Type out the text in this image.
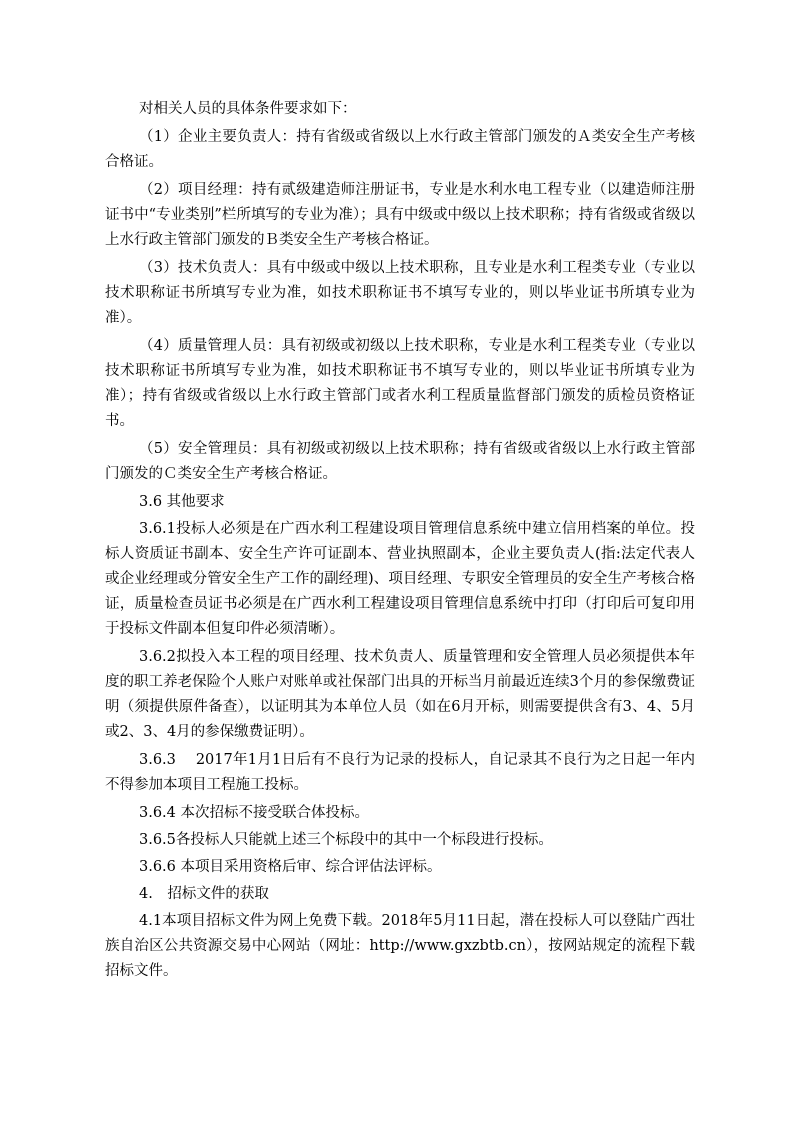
对相关人员的具体条件要求如下：

（1）企业主要负责人：持有省级或省级以上水行政主管部门颁发的Ａ类安全生产考核合格证。

（2）项目经理：持有贰级建造师注册证书，专业是水利水电工程专业（以建造师注册证书中“专业类别”栏所填写的专业为准）；具有中级或中级以上技术职称；持有省级或省级以上水行政主管部门颁发的Ｂ类安全生产考核合格证。

（3）技术负责人：具有中级或中级以上技术职称，且专业是水利工程类专业（专业以技术职称证书所填写专业为准，如技术职称证书不填写专业的，则以毕业证书所填专业为准）。

（4）质量管理人员：具有初级或初级以上技术职称，专业是水利工程类专业（专业以技术职称证书所填写专业为准，如技术职称证书不填写专业的，则以毕业证书所填专业为准）；持有省级或省级以上水行政主管部门或者水利工程质量监督部门颁发的质检员资格证书。

（5）安全管理员：具有初级或初级以上技术职称；持有省级或省级以上水行政主管部门颁发的Ｃ类安全生产考核合格证。

3.6 其他要求

3.6.1投标人必须是在广西水利工程建设项目管理信息系统中建立信用档案的单位。投标人资质证书副本、安全生产许可证副本、营业执照副本，企业主要负责人(指:法定代表人或企业经理或分管安全生产工作的副经理)、项目经理、专职安全管理员的安全生产考核合格证，质量检查员证书必须是在广西水利工程建设项目管理信息系统中打印（打印后可复印用于投标文件副本但复印件必须清晰）。

3.6.2拟投入本工程的项目经理、技术负责人、质量管理和安全管理人员必须提供本年度的职工养老保险个人账户对账单或社保部门出具的开标当月前最近连续3个月的参保缴费证明（须提供原件备查），以证明其为本单位人员（如在6月开标，则需要提供含有3、4、5月或2、3、4月的参保缴费证明）。

3.6.3　 2017年1月1日后有不良行为记录的投标人，自记录其不良行为之日起一年内不得参加本项目工程施工投标。

3.6.4 本次招标不接受联合体投标。

3.6.5各投标人只能就上述三个标段中的其中一个标段进行投标。

3.6.6 本项目采用资格后审、综合评估法评标。

4.　招标文件的获取

4.1本项目招标文件为网上免费下载。2018年5月11日起，潜在投标人可以登陆广西壮族自治区公共资源交易中心网站（网址：http://www.gxzbtb.cn），按网站规定的流程下载招标文件。
